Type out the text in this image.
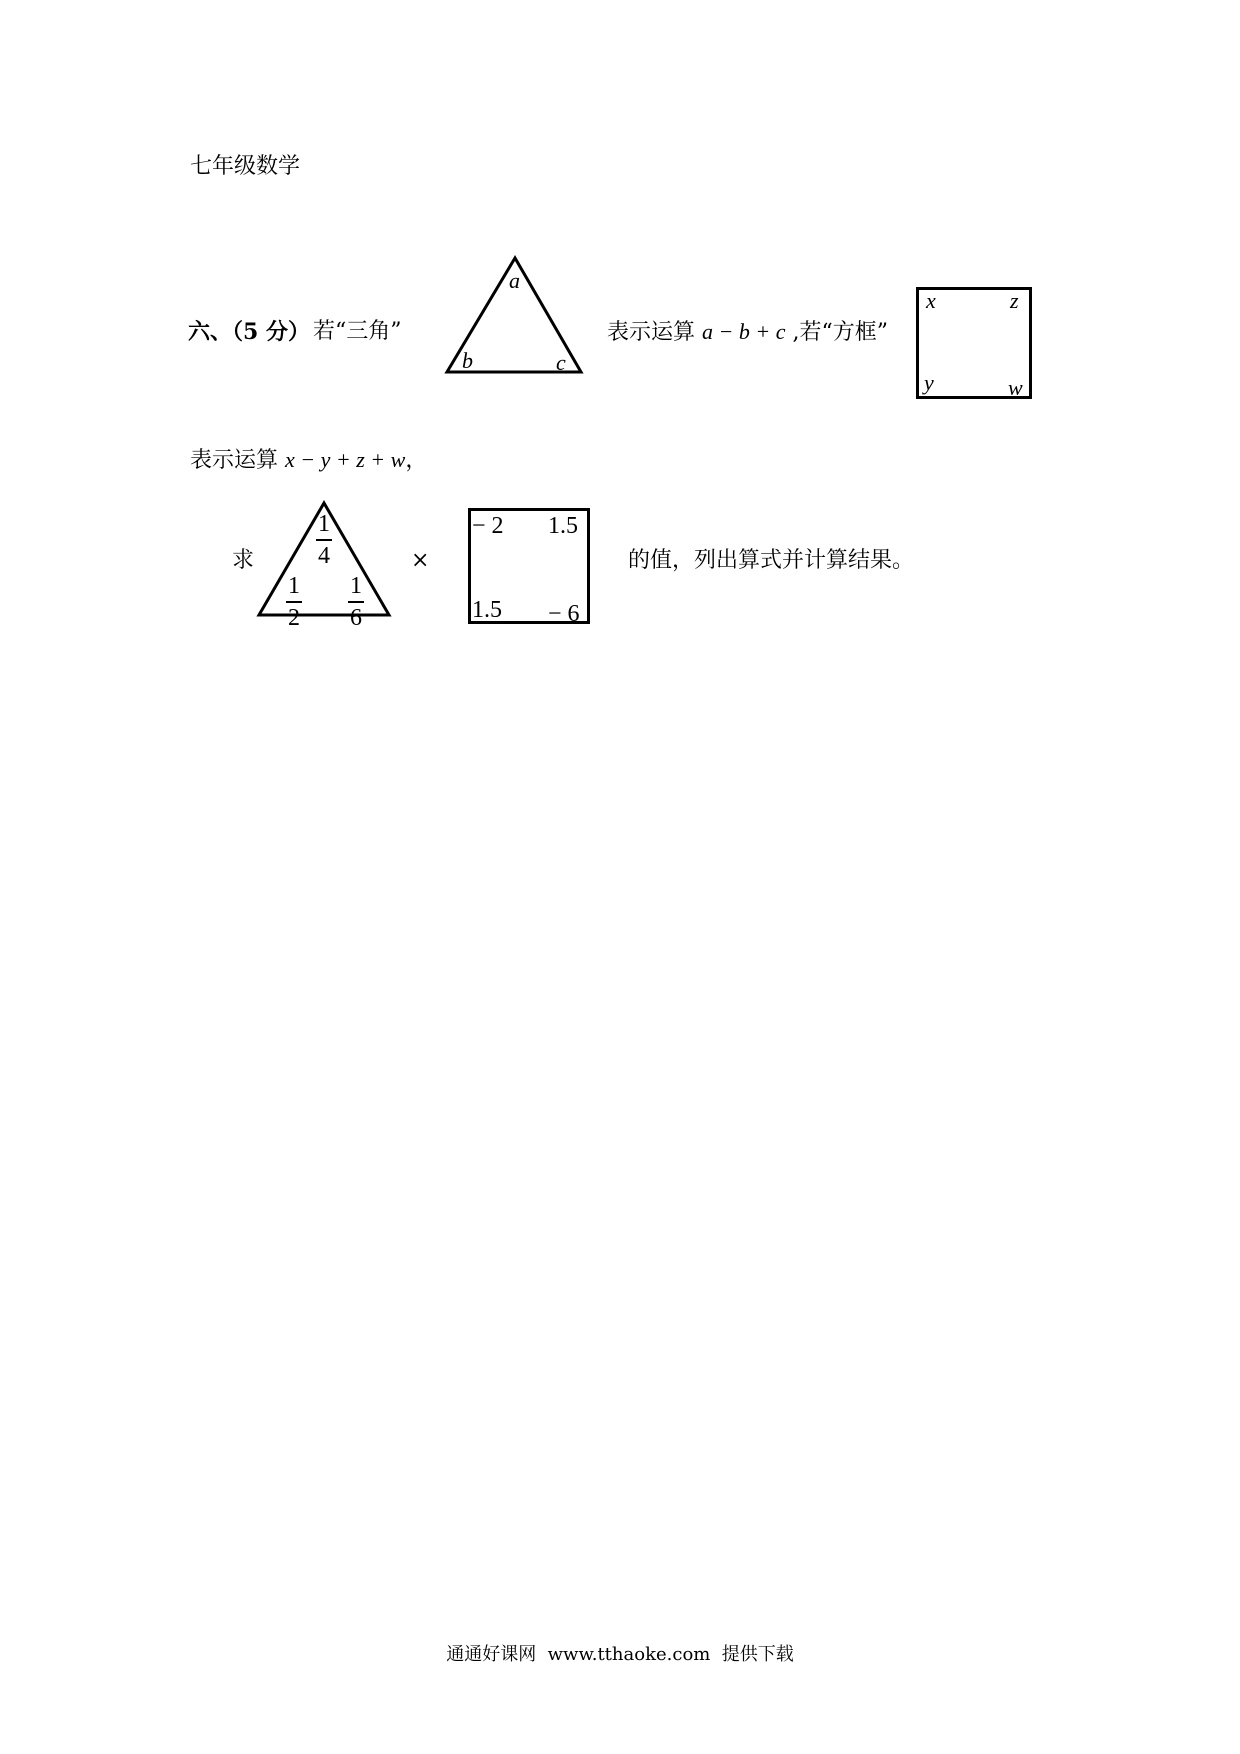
七年级数学
六、（5 分） 若“三角”
a
b	c
表示运算 a − b + c ,若“方框”
x	z
y	w
表示运算 x − y + z + w，
求
1
4
1
2
1
6
×
− 2 1.5
1.5 − 6
的值，列出算式并计算结果。
通通好课网  www.tthaoke.com  提供下载
